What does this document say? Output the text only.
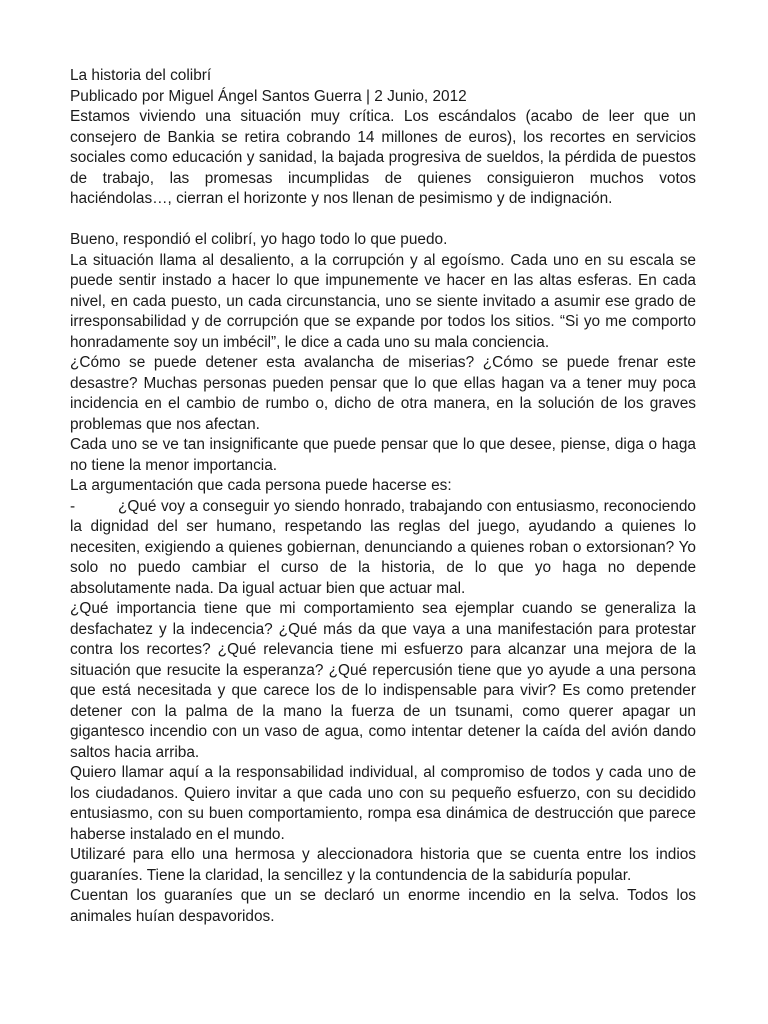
La historia del colibrí

Publicado por Miguel Ángel Santos Guerra | 2 Junio, 2012

Estamos viviendo una situación muy crítica. Los escándalos (acabo de leer que un consejero de Bankia se retira cobrando 14 millones de euros), los recortes en servicios sociales como educación y sanidad, la bajada progresiva de sueldos, la pérdida de puestos de trabajo, las promesas incumplidas de quienes consiguieron muchos votos haciéndolas…, cierran el horizonte y nos llenan de pesimismo y de indignación.

Bueno, respondió el colibrí, yo hago todo lo que puedo.

La situación llama al desaliento, a la corrupción y al egoísmo. Cada uno en su escala se puede sentir instado a hacer lo que impunemente ve hacer en las altas esferas. En cada nivel, en cada puesto, un cada circunstancia, uno se siente invitado a asumir ese grado de irresponsabilidad y de corrupción que se expande por todos los sitios. “Si yo me comporto honradamente soy un imbécil”, le dice a cada uno su mala conciencia.

¿Cómo se puede detener esta avalancha de miserias? ¿Cómo se puede frenar este desastre? Muchas personas pueden pensar que lo que ellas hagan va a tener muy poca incidencia en el cambio de rumbo o, dicho de otra manera, en la solución de los graves problemas que nos afectan.

Cada uno se ve tan insignificante que puede pensar que lo que desee, piense, diga o haga no tiene la menor importancia.

La argumentación que cada persona puede hacerse es:

-	¿Qué voy a conseguir yo siendo honrado, trabajando con entusiasmo, reconociendo la dignidad del ser humano, respetando las reglas del juego, ayudando a quienes lo necesiten, exigiendo a quienes gobiernan, denunciando a quienes roban o extorsionan? Yo solo no puedo cambiar el curso de la historia, de lo que yo haga no depende absolutamente nada. Da igual actuar bien que actuar mal.

¿Qué importancia tiene que mi comportamiento sea ejemplar cuando se generaliza la desfachatez y la indecencia? ¿Qué más da que vaya a una manifestación para protestar contra los recortes? ¿Qué relevancia tiene mi esfuerzo para alcanzar una mejora de la situación que resucite la esperanza? ¿Qué repercusión tiene que yo ayude a una persona que está necesitada y que carece los de lo indispensable para vivir? Es como pretender detener con la palma de la mano la fuerza de un tsunami, como querer apagar un gigantesco incendio con un vaso de agua, como intentar detener la caída del avión dando saltos hacia arriba.

Quiero llamar aquí a la responsabilidad individual, al compromiso de todos y cada uno de los ciudadanos. Quiero invitar a que cada uno con su pequeño esfuerzo, con su decidido entusiasmo, con su buen comportamiento, rompa esa dinámica de destrucción que parece haberse instalado en el mundo.

Utilizaré para ello una hermosa y aleccionadora historia que se cuenta entre los indios guaraníes. Tiene la claridad, la sencillez y la contundencia de la sabiduría popular.

Cuentan los guaraníes que un se declaró un enorme incendio en la selva. Todos los animales huían despavoridos.
